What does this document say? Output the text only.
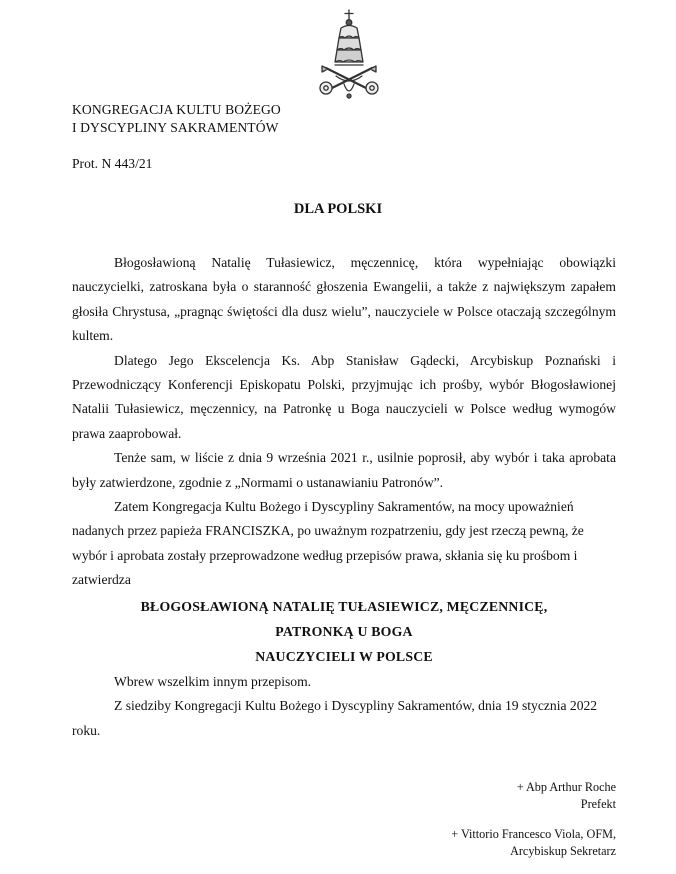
KONGREGACJA KULTU BOŻEGO
I DYSCYPLINY SAKRAMENTÓW
Prot. N 443/21
DLA POLSKI

Błogosławioną Natalię Tułasiewicz, męczennicę, która wypełniając obowiązki nauczycielki, zatroskana była o staranność głoszenia Ewangelii, a także z największym zapałem głosiła Chrystusa, „pragnąc świętości dla dusz wielu”, nauczyciele w Polsce otaczają szczególnym kultem.

Dlatego Jego Ekscelencja Ks. Abp Stanisław Gądecki, Arcybiskup Poznański i Przewodniczący Konferencji Episkopatu Polski, przyjmując ich prośby, wybór Błogosławionej Natalii Tułasiewicz, męczennicy, na Patronkę u Boga nauczycieli w Polsce według wymogów prawa zaaprobował.

Tenże sam, w liście z dnia 9 września 2021 r., usilnie poprosił, aby wybór i taka aprobata były zatwierdzone, zgodnie z „Normami o ustanawianiu Patronów”.

Zatem Kongregacja Kultu Bożego i Dyscypliny Sakramentów, na mocy upoważnień nadanych przez papieża FRANCISZKA, po uważnym rozpatrzeniu, gdy jest rzeczą pewną, że wybór i aprobata zostały przeprowadzone według przepisów prawa, skłania się ku prośbom i zatwierdza

BŁOGOSŁAWIONĄ NATALIĘ TUŁASIEWICZ, MĘCZENNICĘ,
PATRONKĄ U BOGA
NAUCZYCIELI W POLSCE

Wbrew wszelkim innym przepisom.

Z siedziby Kongregacji Kultu Bożego i Dyscypliny Sakramentów, dnia 19 stycznia 2022 roku.

+ Abp Arthur Roche
Prefekt
+ Vittorio Francesco Viola, OFM,
Arcybiskup Sekretarz
